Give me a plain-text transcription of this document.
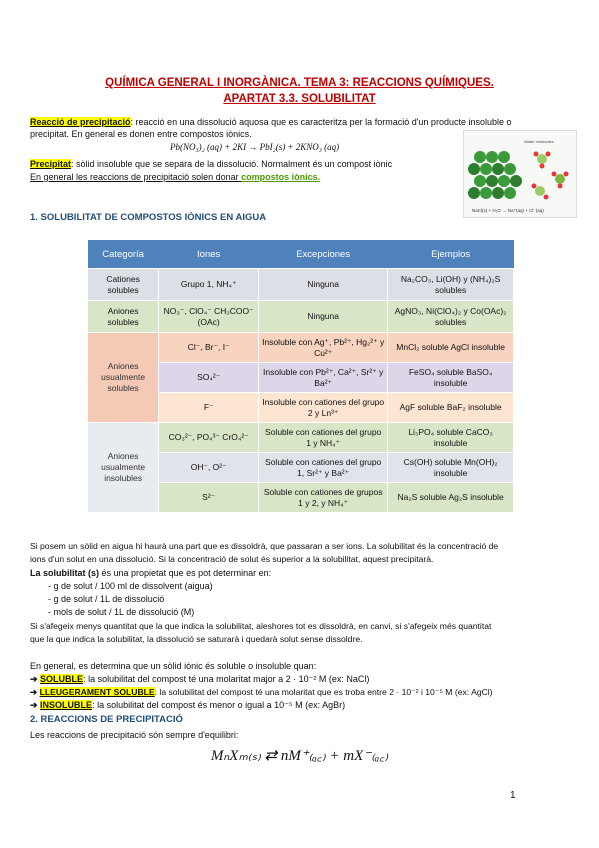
QUÍMICA GENERAL I INORGÀNICA. TEMA 3: REACCIONS QUÍMIQUES.
APARTAT 3.3. SOLUBILITAT
Reacció de precipitació: reacció en una dissolució aquosa que es caracteritza per la formació d'un producte insoluble o
precipitat. En general es donen entre compostos iònics.
Pb(NO₃)₂ (aq) + 2KI → PbI₂(s) + 2KNO₃ (aq)
Precipitat: sòlid insoluble que se separa de la dissolució. Normalment és un compost iònic
En general les reaccions de precipitació solen donar compostos iònics.
Water molecules
NaCl(s) + H₂O → Na⁺(aq) + Cl⁻(aq)
1. SOLUBILITAT DE COMPOSTOS IÒNICS EN AIGUA
Categoría	Iones	Excepciones	Ejemplos
Cationes solubles	Grupo 1, NH₄⁺	Ninguna	Na₂CO₃, Li(OH) y (NH₄)₂S solubles
Aniones solubles	NO₃⁻, ClO₄⁻ CH₃COO⁻ (OAc)	Ninguna	AgNO₃, Ni(ClO₄)₂ y Co(OAc)₂ solubles
Aniones usualmente solubles	Cl⁻, Br⁻, I⁻	Insoluble con Ag⁺, Pb²⁺, Hg₂²⁺ y Cu²⁺	MnCl₂ soluble AgCl insoluble
	SO₄²⁻	Insoluble con Pb²⁺, Ca²⁺, Sr²⁺ y Ba²⁺	FeSO₄ soluble BaSO₄ insoluble
	F⁻	Insoluble con cationes del grupo 2 y Ln³⁺	AgF soluble BaF₂ insoluble
Aniones usualmente insolubles	CO₃²⁻, PO₄³⁻ CrO₄²⁻	Soluble con cationes del grupo 1 y NH₄⁺	Li₃PO₄ soluble CaCO₃ insoluble
	OH⁻, O²⁻	Soluble con cationes del grupo 1, Sr²⁺ y Ba²⁺	Cs(OH) soluble Mn(OH)₂ insoluble
	S²⁻	Soluble con cationes de grupos 1 y 2, y NH₄⁺	Na₂S soluble Ag₂S insoluble
Si posem un sòlid en aigua hi haurà una part que es dissoldrà, que passaran a ser ions. La solubilitat és la concentració de
ions d'un solut en una dissolució. Si la concentració de solut és superior a la solubilitat, aquest precipitarà.
La solubilitat (s) és una propietat que es pot determinar en:
- g de solut / 100 ml de dissolvent (aigua)
- g de solut / 1L de dissolució
- mols de solut / 1L de dissolució (M)
Si s'afegeix menys quantitat que la que indica la solubilitat, aleshores tot es dissoldrà, en canvi, si s'afegeix més quantitat
que la que indica la solubilitat, la dissolució se saturarà i quedarà solut sense dissoldre.
En general, es determina que un sòlid iònic és soluble o insoluble quan:
➔ SOLUBLE: la solubilitat del compost té una molaritat major a 2 · 10⁻² M (ex: NaCl)
➔ LLEUGERAMENT SOLUBLE: la solubilitat del compost té una molaritat que es troba entre 2 · 10⁻² i 10⁻⁵ M (ex: AgCl)
➔ INSOLUBLE: la solubilitat del compost és menor o igual a 10⁻⁵ M (ex: AgBr)
2. REACCIONS DE PRECIPITACIÓ
Les reaccions de precipitació són sempre d'equilibri:
MₙXₘ₍ₛ₎ ⇄ nM⁺₍ₐ꜀₎ + mX⁻₍ₐ꜀₎
1
